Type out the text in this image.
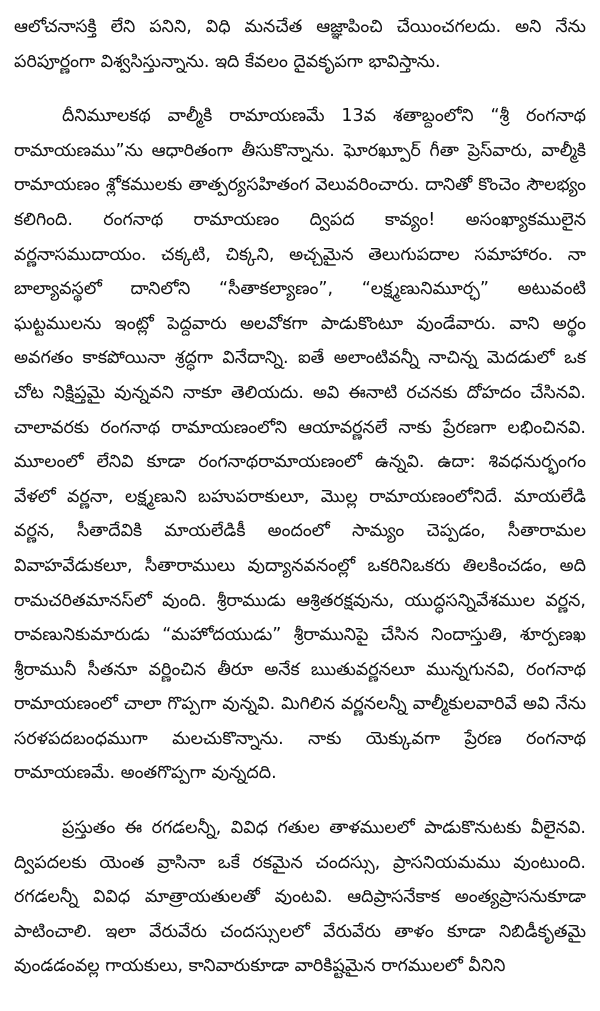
ఆలోచనాసక్తి లేని పనిని, విధి మనచేత ఆజ్ఞాపించి చేయించగలదు. అని నేను పరిపూర్ణంగా విశ్వసిస్తున్నాను. ఇది కేవలం దైవకృపగా భావిస్తాను.

దీనిమూలకథ వాల్మీకి రామాయణమే 13వ శతాబ్దంలోని “శ్రీ రంగనాథ రామాయణము”ను ఆధారితంగా తీసుకొన్నాను. ఘోరఖ్పూర్ గీతా ప్రెస్‌వారు, వాల్మీకి రామాయణం శ్లోకములకు తాత్పర్యసహితంగ వెలువరించారు. దానితో కొంచెం సౌలభ్యం కలిగింది. రంగనాథ రామాయణం ద్విపద కావ్యం! అసంఖ్యాకములైన వర్ణనాసముదాయం. చక్కటి, చిక్కని, అచ్చమైన తెలుగుపదాల సమాహారం. నా బాల్యావస్థలో దానిలోని “సీతాకల్యాణం”, “లక్ష్మణునిమూర్ఛ” అటువంటి ఘట్టములను ఇంట్లో పెద్దవారు అలవోకగా పాడుకొంటూ వుండేవారు. వాని అర్థం అవగతం కాకపోయినా శ్రద్ధగా వినేదాన్ని. ఐతే అలాంటివన్నీ నాచిన్న మెదడులో ఒక చోట నిక్షిప్తమై వున్నవని నాకూ తెలియదు. అవి ఈనాటి రచనకు దోహదం చేసినవి. చాలావరకు రంగనాథ రామాయణంలోని ఆయావర్ణనలే నాకు ప్రేరణగా లభించినవి. మూలంలో లేనివి కూడా రంగనాథరామాయణంలో ఉన్నవి. ఉదా: శివధనుర్భంగం వేళలో వర్ణనా, లక్ష్మణుని బహుపరాకులూ, మొల్ల రామాయణంలోనిదే. మాయలేడి వర్ణన, సీతాదేవికి మాయలేడికీ అందంలో సామ్యం చెప్పడం, సీతారామల వివాహవేడుకలూ, సీతారాములు వుద్యానవనంల్లో ఒకరినిఒకరు తిలకించడం, అది రామచరితమానస్‌లో వుంది. శ్రీరాముడు ఆశ్రితరక్షవును, యుద్ధసన్నివేశముల వర్ణన, రావణునికుమారుడు “మహోదయుడు” శ్రీరామునిపై చేసిన నిందాస్తుతి, శూర్పణఖ శ్రీరామునీ సీతనూ వర్ణించిన తీరూ అనేక ఋతువర్ణనలూ మున్నగునవి, రంగనాథ రామాయణంలో చాలా గొప్పగా వున్నవి. మిగిలిన వర్ణనలన్నీ వాల్మీకులవారివే అవి నేను సరళపదబంధముగా మలచుకొన్నాను. నాకు యెక్కువగా ప్రేరణ రంగనాథ రామాయణమే. అంతగొప్పగా వున్నదది.

ప్రస్తుతం ఈ రగడలన్నీ, వివిధ గతుల తాళములలో పాడుకొనుటకు వీలైనవి. ద్విపదలకు యెంత వ్రాసినా ఒకే రకమైన చందస్సు, ప్రాసనియమము వుంటుంది. రగడలన్నీ వివిధ మాత్రాయతులతో వుంటవి. ఆదిప్రాసనేకాక అంత్యప్రాసనుకూడా పాటించాలి. ఇలా వేరువేరు చందస్సులలో వేరువేరు తాళం కూడా నిబిడీకృతమై వుండడంవల్ల గాయకులు, కానివారుకూడా వారికిష్టమైన రాగములలో వీనిని
